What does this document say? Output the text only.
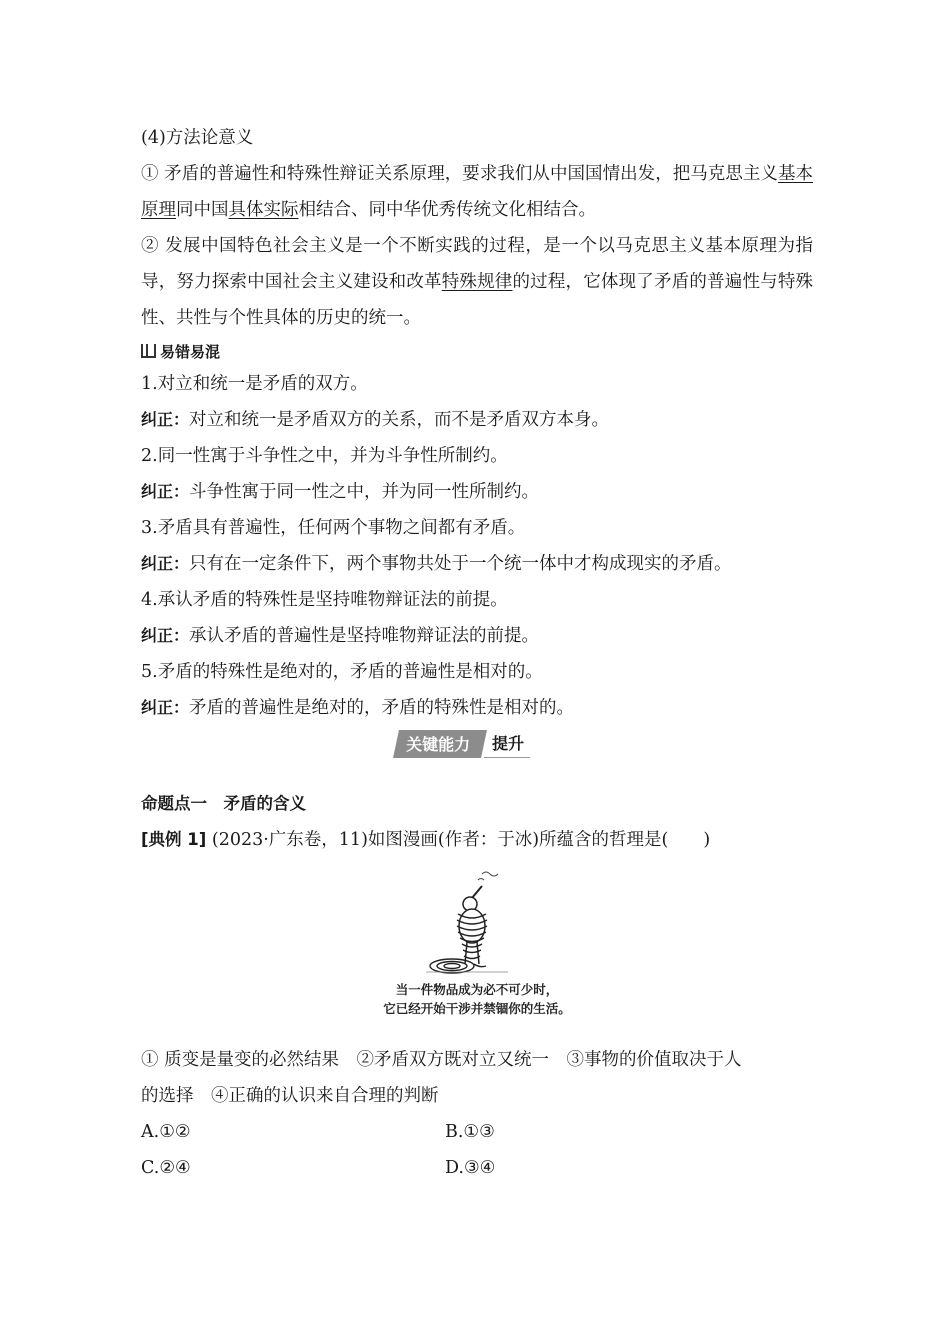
(4)方法论意义
① 矛盾的普遍性和特殊性辩证关系原理，要求我们从中国国情出发，把马克思主义基本原理同中国具体实际相结合、同中华优秀传统文化相结合。
② 发展中国特色社会主义是一个不断实践的过程，是一个以马克思主义基本原理为指导，努力探索中国社会主义建设和改革特殊规律的过程，它体现了矛盾的普遍性与特殊性、共性与个性具体的历史的统一。
易错易混
1.对立和统一是矛盾的双方。
纠正：对立和统一是矛盾双方的关系，而不是矛盾双方本身。
2.同一性寓于斗争性之中，并为斗争性所制约。
纠正：斗争性寓于同一性之中，并为同一性所制约。
3.矛盾具有普遍性，任何两个事物之间都有矛盾。
纠正：只有在一定条件下，两个事物共处于一个统一体中才构成现实的矛盾。
4.承认矛盾的特殊性是坚持唯物辩证法的前提。
纠正：承认矛盾的普遍性是坚持唯物辩证法的前提。
5.矛盾的特殊性是绝对的，矛盾的普遍性是相对的。
纠正：矛盾的普遍性是绝对的，矛盾的特殊性是相对的。
关键能力	提升
命题点一　矛盾的含义
[典例 1] (2023·广东卷，11)如图漫画(作者：于冰)所蕴含的哲理是(　　)
当一件物品成为必不可少时，
它已经开始干涉并禁锢你的生活。
① 质变是量变的必然结果　②矛盾双方既对立又统一　③事物的价值取决于人
的选择　④正确的认识来自合理的判断
A.①②	B.①③
C.②④	D.③④
